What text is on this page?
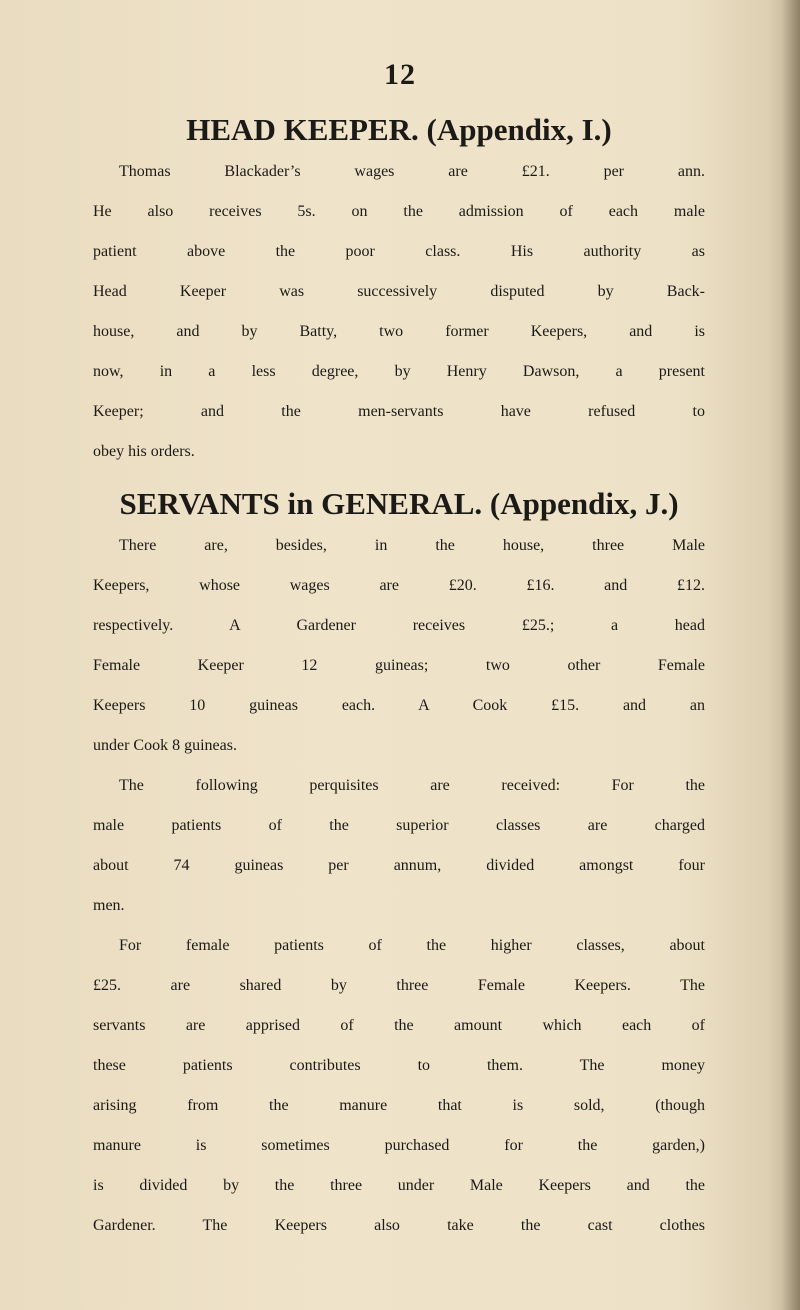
12
HEAD KEEPER. (Appendix, I.)
Thomas Blackader’s wages are £21. per ann.
He also receives 5s. on the admission of each male
patient above the poor class. His authority as
Head Keeper was successively disputed by Back-
house, and by Batty, two former Keepers, and is
now, in a less degree, by Henry Dawson, a present
Keeper; and the men-servants have refused to
obey his orders.
SERVANTS in GENERAL. (Appendix, J.)
There are, besides, in the house, three Male
Keepers, whose wages are £20. £16. and £12.
respectively. A Gardener receives £25.; a head
Female Keeper 12 guineas; two other Female
Keepers 10 guineas each. A Cook £15. and an
under Cook 8 guineas.
The following perquisites are received: For the
male patients of the superior classes are charged
about 74 guineas per annum, divided amongst four
men.
For female patients of the higher classes, about
£25. are shared by three Female Keepers. The
servants are apprised of the amount which each of
these patients contributes to them. The money
arising from the manure that is sold, (though
manure is sometimes purchased for the garden,)
is divided by the three under Male Keepers and the
Gardener. The Keepers also take the cast clothes
